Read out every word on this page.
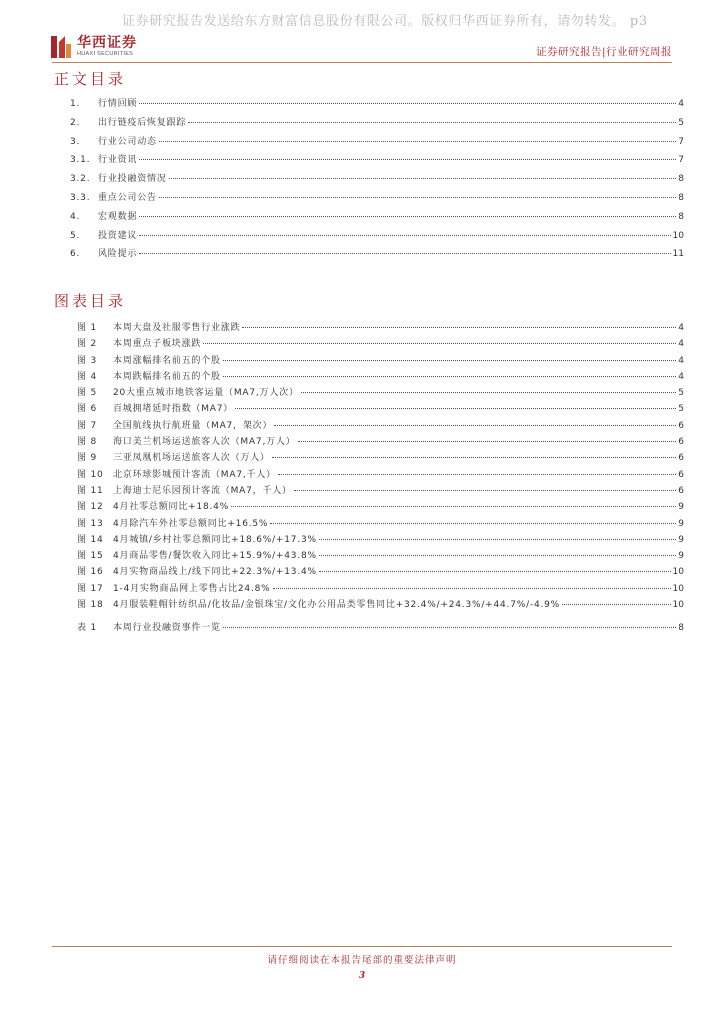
证券研究报告发送给东方财富信息股份有限公司。版权归华西证券所有，请勿转发。 p3
华西证券
HUAXI SECURITIES	证券研究报告|行业研究周报
正文目录
1.	行情回顾	4
2.	出行链疫后恢复跟踪	5
3.	行业公司动态	7
3.1. 行业资讯	7
3.2. 行业投融资情况	8
3.3. 重点公司公告	8
4.	宏观数据	8
5.	投资建议	10
6.	风险提示	11
图表目录
图 1	本周大盘及社服零售行业涨跌	4
图 2	本周重点子板块涨跌	4
图 3	本周涨幅排名前五的个股	4
图 4	本周跌幅排名前五的个股	4
图 5	20大重点城市地铁客运量（MA7,万人次）	5
图 6	百城拥堵延时指数（MA7）	5
图 7	全国航线执行航班量（MA7，架次）	6
图 8	海口美兰机场运送旅客人次（MA7,万人）	6
图 9	三亚凤凰机场运送旅客人次（万人）	6
图 10	北京环球影城预计客流（MA7,千人）	6
图 11	上海迪士尼乐园预计客流（MA7，千人）	6
图 12	4月社零总额同比+18.4%	9
图 13	4月除汽车外社零总额同比+16.5%	9
图 14	4月城镇/乡村社零总额同比+18.6%/+17.3%	9
图 15	4月商品零售/餐饮收入同比+15.9%/+43.8%	9
图 16	4月实物商品线上/线下同比+22.3%/+13.4%	10
图 17	1-4月实物商品网上零售占比24.8%	10
图 18	4月服装鞋帽针纺织品/化妆品/金银珠宝/文化办公用品类零售同比+32.4%/+24.3%/+44.7%/-4.9%	10
表 1	本周行业投融资事件一览	8
请仔细阅读在本报告尾部的重要法律声明
3
